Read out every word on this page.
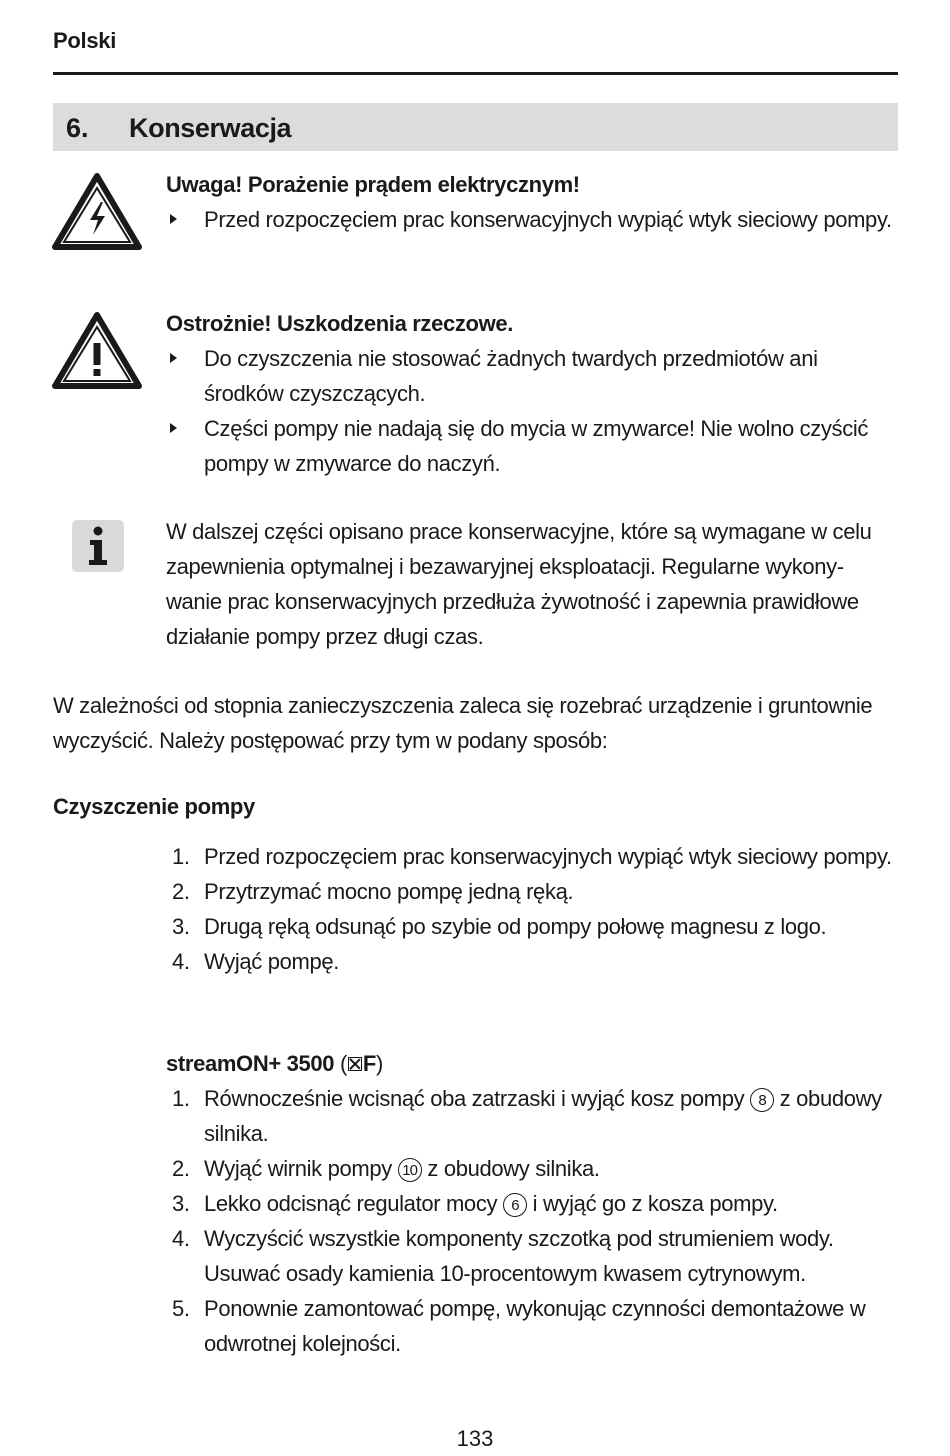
Polski
6. Konserwacja
Uwaga! Porażenie prądem elektrycznym!
Przed rozpoczęciem prac konserwacyjnych wypiąć wtyk sieciowy pompy.
Ostrożnie! Uszkodzenia rzeczowe.
Do czyszczenia nie stosować żadnych twardych przedmiotów ani środków czyszczących.
Części pompy nie nadają się do mycia w zmywarce! Nie wolno czyścić pompy w zmywarce do naczyń.
W dalszej części opisano prace konserwacyjne, które są wymagane w celu zapewnienia optymalnej i bezawaryjnej eksploatacji. Regularne wykony-wanie prac konserwacyjnych przedłuża żywotność i zapewnia prawidłowe działanie pompy przez długi czas.
W zależności od stopnia zanieczyszczenia zaleca się rozebrać urządzenie i gruntownie wyczyścić. Należy postępować przy tym w podany sposób:
Czyszczenie pompy
1. Przed rozpoczęciem prac konserwacyjnych wypiąć wtyk sieciowy pompy.
2. Przytrzymać mocno pompę jedną ręką.
3. Drugą ręką odsunąć po szybie od pompy połowę magnesu z logo.
4. Wyjąć pompę.
streamON+ 3500 ( F)
1. Równocześnie wcisnąć oba zatrzaski i wyjąć kosz pompy 8 z obudowy silnika.
2. Wyjąć wirnik pompy 10 z obudowy silnika.
3. Lekko odcisnąć regulator mocy 6 i wyjąć go z kosza pompy.
4. Wyczyścić wszystkie komponenty szczotką pod strumieniem wody. Usuwać osady kamienia 10-procentowym kwasem cytrynowym.
5. Ponownie zamontować pompę, wykonując czynności demontażowe w odwrotnej kolejności.
133
